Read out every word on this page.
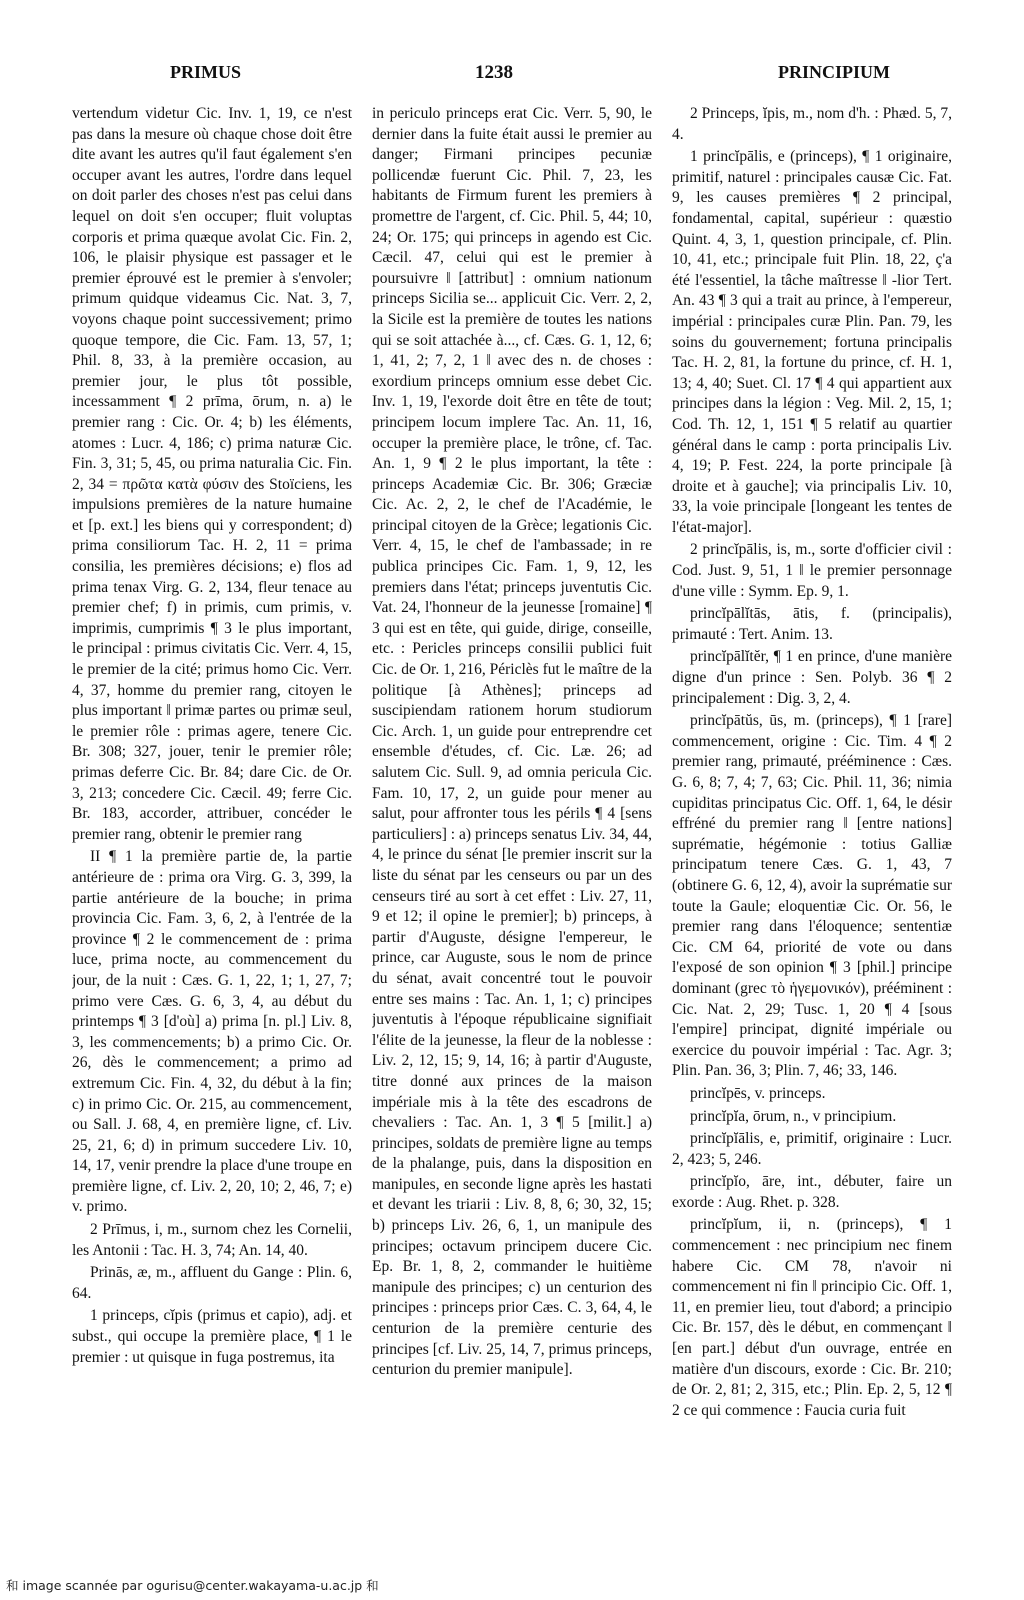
PRIMUS	1238	PRINCIPIUM

vertendum videtur Cic. Inv. 1, 19, ce n'est pas dans la mesure où chaque chose doit être dite avant les autres qu'il faut également s'en occuper avant les autres, l'ordre dans lequel on doit parler des choses n'est pas celui dans lequel on doit s'en occuper; fluit voluptas corporis et prima quæque avolat Cic. Fin. 2, 106, le plaisir physique est passager et le premier éprouvé est le premier à s'envoler; primum quidque videamus Cic. Nat. 3, 7, voyons chaque point successivement; primo quoque tempore, die Cic. Fam. 13, 57, 1; Phil. 8, 33, à la première occasion, au premier jour, le plus tôt possible, incessamment ¶ 2 prīma, ōrum, n. a) le premier rang : Cic. Or. 4; b) les éléments, atomes : Lucr. 4, 186; c) prima naturæ Cic. Fin. 3, 31; 5, 45, ou prima naturalia Cic. Fin. 2, 34 = πρῶτα κατὰ φύσιν des Stoïciens, les impulsions premières de la nature humaine et [p. ext.] les biens qui y correspondent; d) prima consiliorum Tac. H. 2, 11 = prima consilia, les premières décisions; e) flos ad prima tenax Virg. G. 2, 134, fleur tenace au premier chef; f) in primis, cum primis, v. imprimis, cumprimis ¶ 3 le plus important, le principal : primus civitatis Cic. Verr. 4, 15, le premier de la cité; primus homo Cic. Verr. 4, 37, homme du premier rang, citoyen le plus important ‖ primæ partes ou primæ seul, le premier rôle : primas agere, tenere Cic. Br. 308; 327, jouer, tenir le premier rôle; primas deferre Cic. Br. 84; dare Cic. de Or. 3, 213; concedere Cic. Cæcil. 49; ferre Cic. Br. 183, accorder, attribuer, concéder le premier rang, obtenir le premier rang

II ¶ 1 la première partie de, la partie antérieure de : prima ora Virg. G. 3, 399, la partie antérieure de la bouche; in prima provincia Cic. Fam. 3, 6, 2, à l'entrée de la province ¶ 2 le commencement de : prima luce, prima nocte, au commencement du jour, de la nuit : Cæs. G. 1, 22, 1; 1, 27, 7; primo vere Cæs. G. 6, 3, 4, au début du printemps ¶ 3 [d'où] a) prima [n. pl.] Liv. 8, 3, les commencements; b) a primo Cic. Or. 26, dès le commencement; a primo ad extremum Cic. Fin. 4, 32, du début à la fin; c) in primo Cic. Or. 215, au commencement, ou Sall. J. 68, 4, en première ligne, cf. Liv. 25, 21, 6; d) in primum succedere Liv. 10, 14, 17, venir prendre la place d'une troupe en première ligne, cf. Liv. 2, 20, 10; 2, 46, 7; e) v. primo.

2 Prīmus, i, m., surnom chez les Cornelii, les Antonii : Tac. H. 3, 74; An. 14, 40.

Prinās, æ, m., affluent du Gange : Plin. 6, 64.

1 princeps, cĭpis (primus et capio), adj. et subst., qui occupe la première place, ¶ 1 le premier : ut quisque in fuga postremus, ita

in periculo princeps erat Cic. Verr. 5, 90, le dernier dans la fuite était aussi le premier au danger; Firmani principes pecuniæ pollicendæ fuerunt Cic. Phil. 7, 23, les habitants de Firmum furent les premiers à promettre de l'argent, cf. Cic. Phil. 5, 44; 10, 24; Or. 175; qui princeps in agendo est Cic. Cæcil. 47, celui qui est le premier à poursuivre ‖ [attribut] : omnium nationum princeps Sicilia se... applicuit Cic. Verr. 2, 2, la Sicile est la première de toutes les nations qui se soit attachée à..., cf. Cæs. G. 1, 12, 6; 1, 41, 2; 7, 2, 1 ‖ avec des n. de choses : exordium princeps omnium esse debet Cic. Inv. 1, 19, l'exorde doit être en tête de tout; principem locum implere Tac. An. 11, 16, occuper la première place, le trône, cf. Tac. An. 1, 9 ¶ 2 le plus important, la tête : princeps Academiæ Cic. Br. 306; Græciæ Cic. Ac. 2, 2, le chef de l'Académie, le principal citoyen de la Grèce; legationis Cic. Verr. 4, 15, le chef de l'ambassade; in re publica principes Cic. Fam. 1, 9, 12, les premiers dans l'état; princeps juventutis Cic. Vat. 24, l'honneur de la jeunesse [romaine] ¶ 3 qui est en tête, qui guide, dirige, conseille, etc. : Pericles princeps consilii publici fuit Cic. de Or. 1, 216, Périclès fut le maître de la politique [à Athènes]; princeps ad suscipiendam rationem horum studiorum Cic. Arch. 1, un guide pour entreprendre cet ensemble d'études, cf. Cic. Læ. 26; ad salutem Cic. Sull. 9, ad omnia pericula Cic. Fam. 10, 17, 2, un guide pour mener au salut, pour affronter tous les périls ¶ 4 [sens particuliers] : a) princeps senatus Liv. 34, 44, 4, le prince du sénat [le premier inscrit sur la liste du sénat par les censeurs ou par un des censeurs tiré au sort à cet effet : Liv. 27, 11, 9 et 12; il opine le premier]; b) princeps, à partir d'Auguste, désigne l'empereur, le prince, car Auguste, sous le nom de prince du sénat, avait concentré tout le pouvoir entre ses mains : Tac. An. 1, 1; c) principes juventutis à l'époque républicaine signifiait l'élite de la jeunesse, la fleur de la noblesse : Liv. 2, 12, 15; 9, 14, 16; à partir d'Auguste, titre donné aux princes de la maison impériale mis à la tête des escadrons de chevaliers : Tac. An. 1, 3 ¶ 5 [milit.] a) principes, soldats de première ligne au temps de la phalange, puis, dans la disposition en manipules, en seconde ligne après les hastati et devant les triarii : Liv. 8, 8, 6; 30, 32, 15; b) princeps Liv. 26, 6, 1, un manipule des principes; octavum principem ducere Cic. Ep. Br. 1, 8, 2, commander le huitième manipule des principes; c) un centurion des principes : princeps prior Cæs. C. 3, 64, 4, le centurion de la première centurie des principes [cf. Liv. 25, 14, 7, primus princeps, centurion du premier manipule].

2 Princeps, ĭpis, m., nom d'h. : Phæd. 5, 7, 4.

1 princĭpālis, e (princeps), ¶ 1 originaire, primitif, naturel : principales causæ Cic. Fat. 9, les causes premières ¶ 2 principal, fondamental, capital, supérieur : quæstio Quint. 4, 3, 1, question principale, cf. Plin. 10, 41, etc.; principale fuit Plin. 18, 22, ç'a été l'essentiel, la tâche maîtresse ‖ -lior Tert. An. 43 ¶ 3 qui a trait au prince, à l'empereur, impérial : principales curæ Plin. Pan. 79, les soins du gouvernement; fortuna principalis Tac. H. 2, 81, la fortune du prince, cf. H. 1, 13; 4, 40; Suet. Cl. 17 ¶ 4 qui appartient aux principes dans la légion : Veg. Mil. 2, 15, 1; Cod. Th. 12, 1, 151 ¶ 5 relatif au quartier général dans le camp : porta principalis Liv. 4, 19; P. Fest. 224, la porte principale [à droite et à gauche]; via principalis Liv. 10, 33, la voie principale [longeant les tentes de l'état-major].

2 princĭpālis, is, m., sorte d'officier civil : Cod. Just. 9, 51, 1 ‖ le premier personnage d'une ville : Symm. Ep. 9, 1.

princĭpālĭtās, ātis, f. (principalis), primauté : Tert. Anim. 13.

princĭpālĭtĕr, ¶ 1 en prince, d'une manière digne d'un prince : Sen. Polyb. 36 ¶ 2 principalement : Dig. 3, 2, 4.

princĭpātŭs, ūs, m. (princeps), ¶ 1 [rare] commencement, origine : Cic. Tim. 4 ¶ 2 premier rang, primauté, prééminence : Cæs. G. 6, 8; 7, 4; 7, 63; Cic. Phil. 11, 36; nimia cupiditas principatus Cic. Off. 1, 64, le désir effréné du premier rang ‖ [entre nations] suprématie, hégémonie : totius Galliæ principatum tenere Cæs. G. 1, 43, 7 (obtinere G. 6, 12, 4), avoir la suprématie sur toute la Gaule; eloquentiæ Cic. Or. 56, le premier rang dans l'éloquence; sententiæ Cic. CM 64, priorité de vote ou dans l'exposé de son opinion ¶ 3 [phil.] principe dominant (grec τὸ ἡγεμονικόν), prééminent : Cic. Nat. 2, 29; Tusc. 1, 20 ¶ 4 [sous l'empire] principat, dignité impériale ou exercice du pouvoir impérial : Tac. Agr. 3; Plin. Pan. 36, 3; Plin. 7, 46; 33, 146.

princĭpēs, v. princeps.

princĭpĭa, ōrum, n., v principium.

princĭpĭālis, e, primitif, originaire : Lucr. 2, 423; 5, 246.

princĭpĭo, āre, int., débuter, faire un exorde : Aug. Rhet. p. 328.

princĭpĭum, ii, n. (princeps), ¶ 1 commencement : nec principium nec finem habere Cic. CM 78, n'avoir ni commencement ni fin ‖ principio Cic. Off. 1, 11, en premier lieu, tout d'abord; a principio Cic. Br. 157, dès le début, en commençant ‖ [en part.] début d'un ouvrage, entrée en matière d'un discours, exorde : Cic. Br. 210; de Or. 2, 81; 2, 315, etc.; Plin. Ep. 2, 5, 12 ¶ 2 ce qui commence : Faucia curia fuit

和 image scannée par ogurisu@center.wakayama-u.ac.jp 和
